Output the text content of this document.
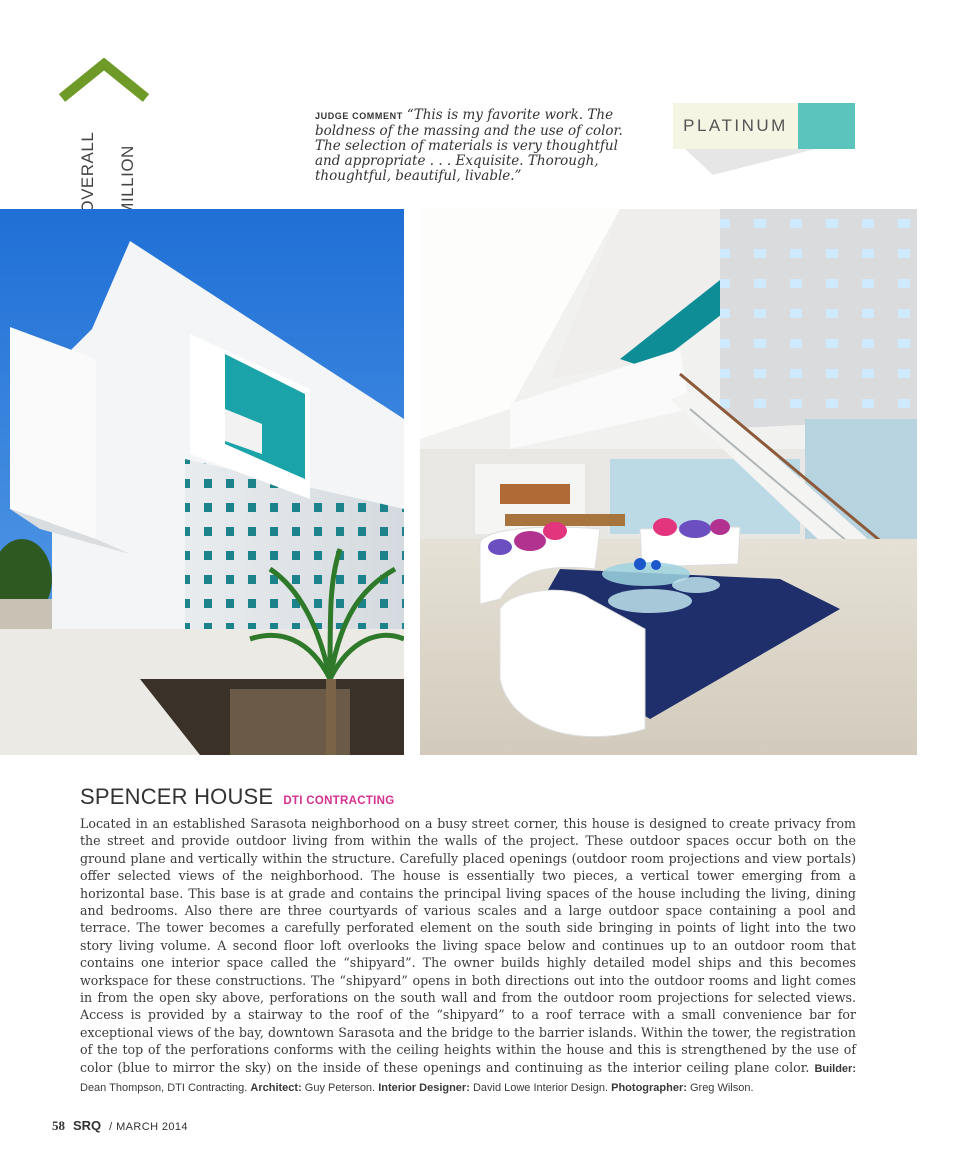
JUDGE COMMENT “This is my favorite work. The boldness of the massing and the use of color. The selection of materials is very thoughtful and appropriate . . . Exquisite. Thorough, thoughtful, beautiful, livable.”
PLATINUM
SPENCER HOUSE DTI CONTRACTING
Located in an established Sarasota neighborhood on a busy street corner, this house is designed to create privacy from the street and provide outdoor living from within the walls of the project. These outdoor spaces occur both on the ground plane and vertically within the structure. Carefully placed openings (outdoor room projections and view portals) offer selected views of the neighborhood. The house is essentially two pieces, a vertical tower emerging from a horizontal base. This base is at grade and contains the principal living spaces of the house including the living, dining and bedrooms. Also there are three courtyards of various scales and a large outdoor space containing a pool and terrace. The tower becomes a carefully perforated element on the south side bringing in points of light into the two story living volume. A second floor loft overlooks the living space below and continues up to an outdoor room that contains one interior space called the “shipyard”. The owner builds highly detailed model ships and this becomes workspace for these constructions. The “shipyard” opens in both directions out into the outdoor rooms and light comes in from the open sky above, perforations on the south wall and from the outdoor room projections for selected views. Access is provided by a stairway to the roof of the “shipyard” to a roof terrace with a small convenience bar for exceptional views of the bay, downtown Sarasota and the bridge to the barrier islands. Within the tower, the registration of the top of the perforations conforms with the ceiling heights within the house and this is strengthened by the use of color (blue to mirror the sky) on the inside of these openings and continuing as the interior ceiling plane color. Builder: Dean Thompson, DTI Contracting. Architect: Guy Peterson. Interior Designer: David Lowe Interior Design. Photographer: Greg Wilson.
58 SRQ / MARCH 2014
